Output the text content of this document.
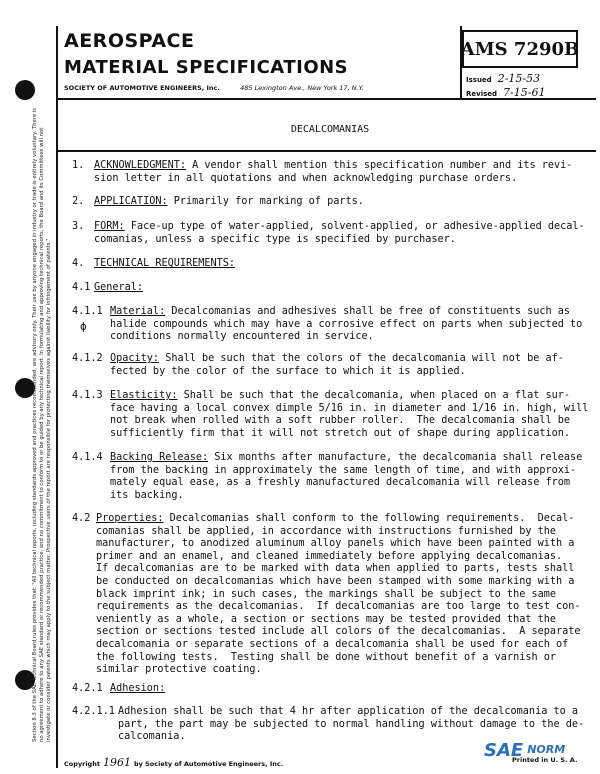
AEROSPACE
MATERIAL SPECIFICATIONS
SOCIETY OF AUTOMOTIVE ENGINEERS, Inc.	485 Lexington Ave., New York 17, N.Y.
AMS 7290B
Issued 2-15-53
Revised 7-15-61
Section 8.3 of the SAE Technical Board rules provides that: "All technical reports, including standards approved and practices recommended, are advisory only. Their use by anyone engaged in industry or trade is entirely voluntary. There is no agreement to adhere to any SAE standard or recommended practice, and no commitment to conform to or be guided by any technical report. In formulating and approving technical reports, the Board and its Committees will not investigate or consider patents which may apply to the subject matter. Prospective users of the report are responsible for protecting themselves against liability for infringement of patents."
DECALCOMANIAS
ϕ
1. ACKNOWLEDGMENT: A vendor shall mention this specification number and its revi-
sion letter in all quotations and when acknowledging purchase orders.
2. APPLICATION: Primarily for marking of parts.
3. FORM: Face-up type of water-applied, solvent-applied, or adhesive-applied decal-
comanias, unless a specific type is specified by purchaser.
4. TECHNICAL REQUIREMENTS:
4.1 General:
4.1.1 Material: Decalcomanias and adhesives shall be free of constituents such as
halide compounds which may have a corrosive effect on parts when subjected to
conditions normally encountered in service.
4.1.2 Opacity: Shall be such that the colors of the decalcomania will not be af-
fected by the color of the surface to which it is applied.
4.1.3 Elasticity: Shall be such that the decalcomania, when placed on a flat sur-
face having a local convex dimple 5/16 in. in diameter and 1/16 in. high, will
not break when rolled with a soft rubber roller.  The decalcomania shall be
sufficiently firm that it will not stretch out of shape during application.
4.1.4 Backing Release: Six months after manufacture, the decalcomania shall release
from the backing in approximately the same length of time, and with approxi-
mately equal ease, as a freshly manufactured decalcomania will release from
its backing.
4.2 Properties: Decalcomanias shall conform to the following requirements.  Decal-
comanias shall be applied, in accordance with instructions furnished by the
manufacturer, to anodized aluminum alloy panels which have been painted with a
primer and an enamel, and cleaned immediately before applying decalcomanias.
If decalcomanias are to be marked with data when applied to parts, tests shall
be conducted on decalcomanias which have been stamped with some marking with a
black imprint ink; in such cases, the markings shall be subject to the same
requirements as the decalcomanias.  If decalcomanias are too large to test con-
veniently as a whole, a section or sections may be tested provided that the
section or sections tested include all colors of the decalcomanias.  A separate
decalcomania or separate sections of a decalcomania shall be used for each of
the following tests.  Testing shall be done without benefit of a varnish or
similar protective coating.
4.2.1 Adhesion:
4.2.1.1 Adhesion shall be such that 4 hr after application of the decalcomania to a
part, the part may be subjected to normal handling without damage to the de-
calcomania.
Copyright 1961 by Society of Automotive Engineers, Inc.	Printed in U. S. A.
SAE NORM
